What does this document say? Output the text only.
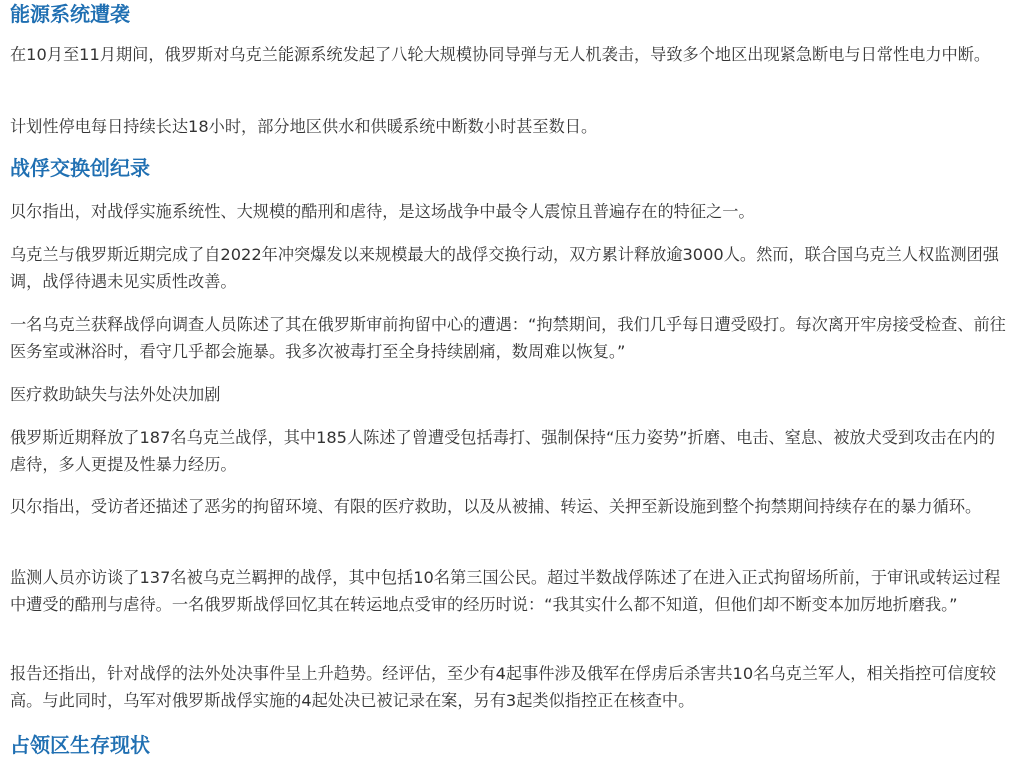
能源系统遭袭

在10月至11月期间，俄罗斯对乌克兰能源系统发起了八轮大规模协同导弹与无人机袭击，导致多个地区出现紧急断电与日常性电力中断。

计划性停电每日持续长达18小时，部分地区供水和供暖系统中断数小时甚至数日。

战俘交换创纪录

贝尔指出，对战俘实施系统性、大规模的酷刑和虐待，是这场战争中最令人震惊且普遍存在的特征之一。

乌克兰与俄罗斯近期完成了自2022年冲突爆发以来规模最大的战俘交换行动，双方累计释放逾3000人。然而，联合国乌克兰人权监测团强调，战俘待遇未见实质性改善。

一名乌克兰获释战俘向调查人员陈述了其在俄罗斯审前拘留中心的遭遇：“拘禁期间，我们几乎每日遭受殴打。每次离开牢房接受检查、前往医务室或淋浴时，看守几乎都会施暴。我多次被毒打至全身持续剧痛，数周难以恢复。”

医疗救助缺失与法外处决加剧

俄罗斯近期释放了187名乌克兰战俘，其中185人陈述了曾遭受包括毒打、强制保持“压力姿势”折磨、电击、窒息、被放犬受到攻击在内的虐待，多人更提及性暴力经历。

贝尔指出，受访者还描述了恶劣的拘留环境、有限的医疗救助，以及从被捕、转运、关押至新设施到整个拘禁期间持续存在的暴力循环。

监测人员亦访谈了137名被乌克兰羁押的战俘，其中包括10名第三国公民。超过半数战俘陈述了在进入正式拘留场所前，于审讯或转运过程中遭受的酷刑与虐待。一名俄罗斯战俘回忆其在转运地点受审的经历时说：“我其实什么都不知道，但他们却不断变本加厉地折磨我。”

报告还指出，针对战俘的法外处决事件呈上升趋势。经评估，至少有4起事件涉及俄军在俘虏后杀害共10名乌克兰军人，相关指控可信度较高。与此同时，乌军对俄罗斯战俘实施的4起处决已被记录在案，另有3起类似指控正在核查中。

占领区生存现状
